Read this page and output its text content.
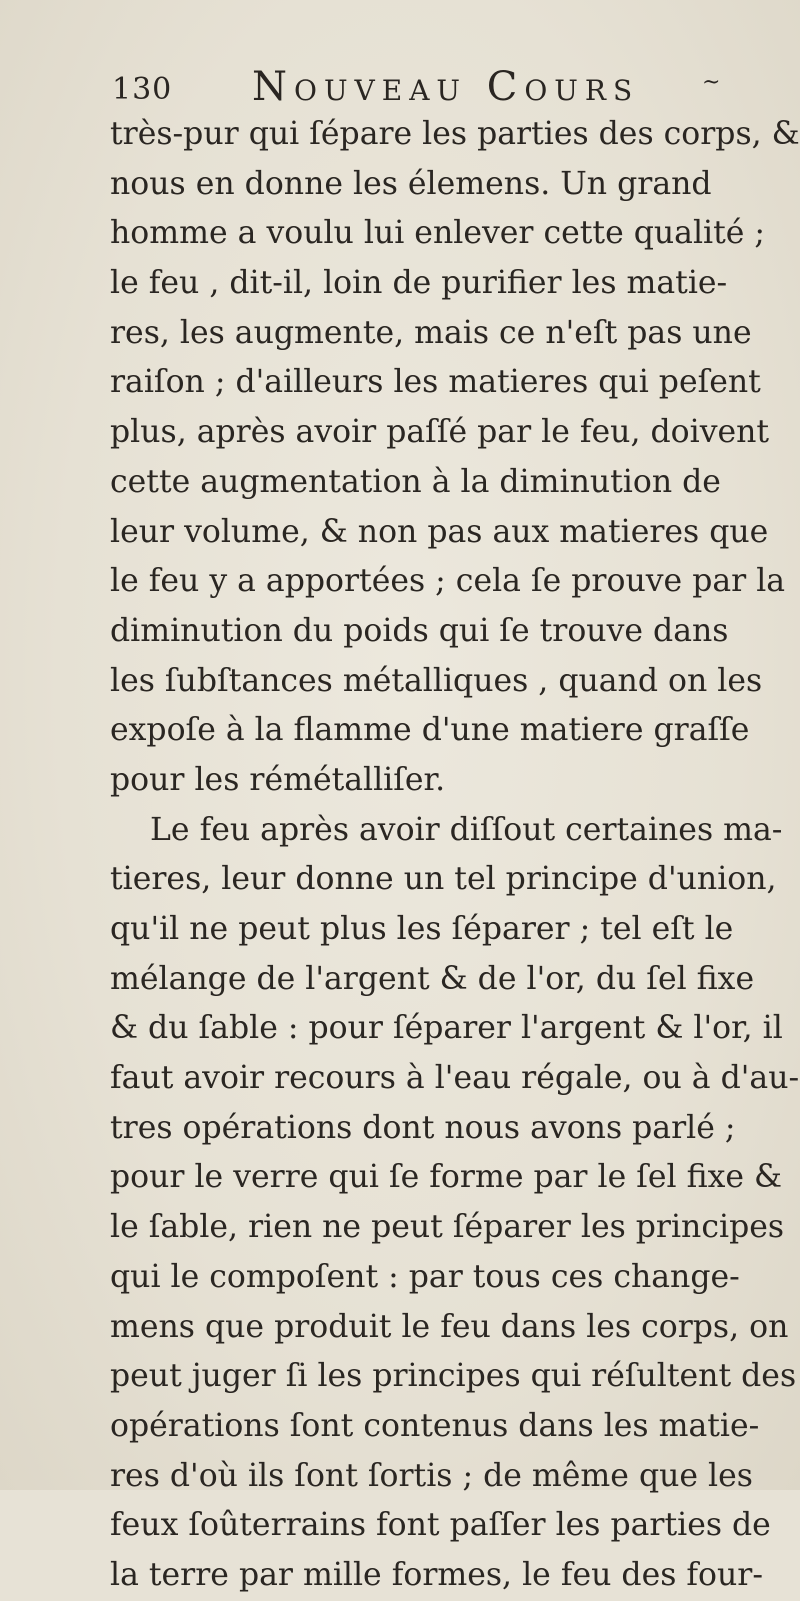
130 Nouveau Cours	~
très-pur qui ſépare les parties des corps, &
nous en donne les élemens. Un grand
homme a voulu lui enlever cette qualité ;
le feu , dit-il, loin de purifier les matie-
res, les augmente, mais ce n'eſt pas une
raiſon ; d'ailleurs les matieres qui peſent
plus, après avoir paſſé par le feu, doivent
cette augmentation à la diminution de
leur volume, & non pas aux matieres que
le feu y a apportées ; cela ſe prouve par la
diminution du poids qui ſe trouve dans
les ſubſtances métalliques , quand on les
expoſe à la flamme d'une matiere graſſe
pour les rémétalliſer.
Le feu après avoir diſſout certaines ma-
tieres, leur donne un tel principe d'union,
qu'il ne peut plus les ſéparer ; tel eſt le
mélange de l'argent & de l'or, du ſel fixe
& du ſable : pour ſéparer l'argent & l'or, il
faut avoir recours à l'eau régale, ou à d'au-
tres opérations dont nous avons parlé ;
pour le verre qui ſe forme par le ſel fixe &
le ſable, rien ne peut ſéparer les principes
qui le compoſent : par tous ces change-
mens que produit le feu dans les corps, on
peut juger ſi les principes qui réſultent des
opérations ſont contenus dans les matie-
res d'où ils ſont ſortis ; de même que les
feux ſoûterrains font paſſer les parties de
la terre par mille formes, le feu des four-
